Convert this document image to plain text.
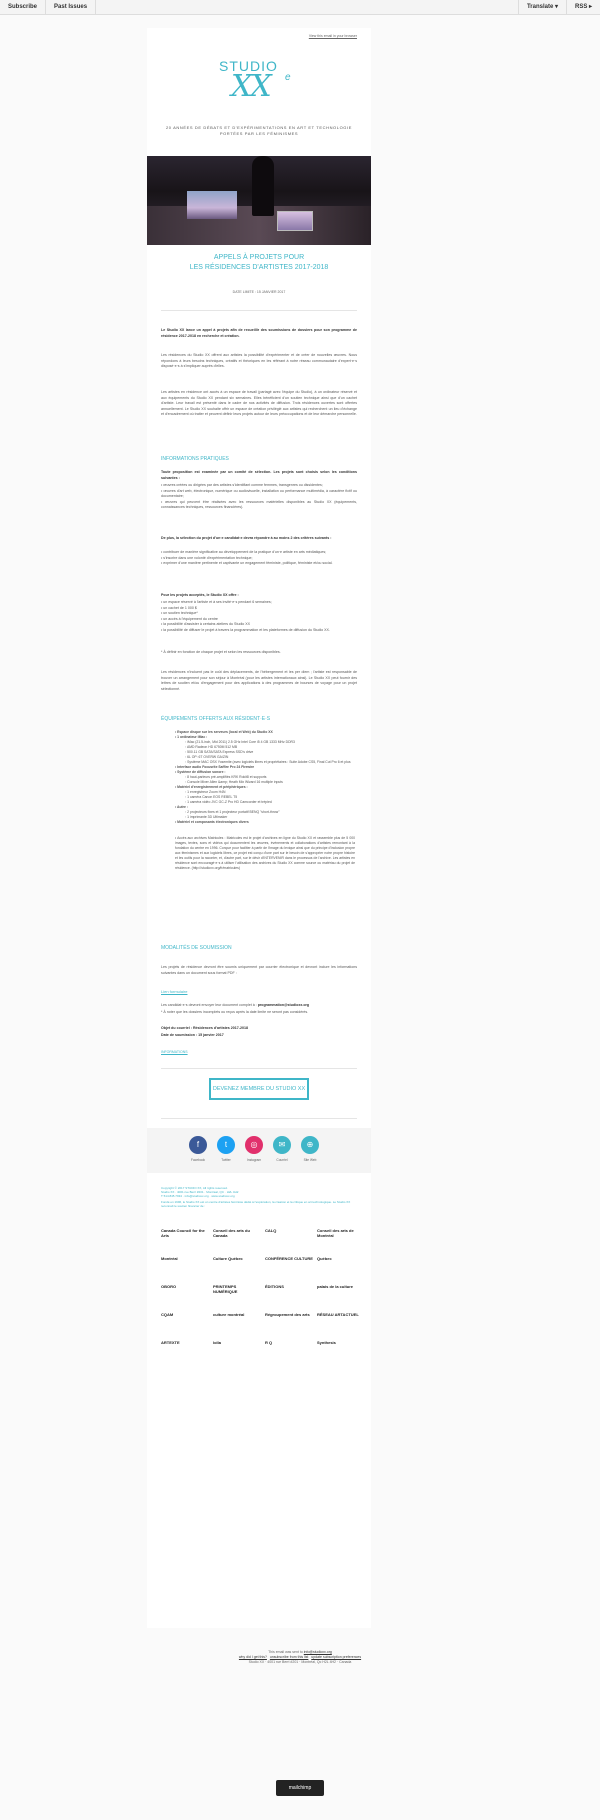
Subscribe	Past Issues	Translate ▾	RSS ▸
View this email in your browser
STUDIO
XX e
20 ANNÉES DE DÉBATS ET D'EXPÉRIMENTATIONS EN ART ET TECHNOLOGIE PORTÉES PAR LES FÉMINISMES
APPELS À PROJETS POUR
LES RÉSIDENCES D'ARTISTES 2017-2018
DATE LIMITE : 15 JANVIER 2017
Le Studio XX lance un appel à projets afin de recueillir des soumissions de dossiers pour son programme de résidence 2017-2018 en recherche et création.
Les résidences du Studio XX offrent aux artistes la possibilité d'expérimenter et de créer de nouvelles œuvres. Nous répondons à leurs besoins techniques, créatifs et théoriques en les référant à notre réseau communautaire d'expert·e·s disposé·e·s à s'impliquer auprès d'elles.
Les artistes en résidence ont accès à un espace de travail (partagé avec l'équipe du Studio), à un ordinateur réservé et aux équipements du Studio XX pendant six semaines. Elles bénéficient d'un soutien technique ainsi que d'un cachet d'artiste. Leur travail est présenté dans le cadre de nos activités de diffusion. Trois résidences ouvertes sont offertes annuellement. Le Studio XX souhaite offrir un espace de création privilégié aux artistes qui recherchent un lieu d'échange et d'encadrement où traiter et peuvent définir leurs projets autour de leurs préoccupations et de leur démarche personnelle.
INFORMATIONS PRATIQUES
Toute proposition est examinée par un comité de sélection. Les projets sont choisis selon les conditions suivantes :
• œuvres créées ou dirigées par des artistes s'identifiant comme femmes, transgenres ou dissidentes;
• œuvres d'art web, électronique, numérique ou audiovisuelle, installation ou performance multimédia, à caractère fictif ou documentaire;
• œuvres qui peuvent être réalisées avec les ressources matérielles disponibles au Studio XX (équipements, connaissances techniques, ressources financières).
De plus, la sélection du projet d'un·e candidat·e devra répondre à au moins 2 des critères suivants :
• contribuer de manière significative au développement de la pratique d'un·e artiste en arts médiatiques;
• s'inscrire dans une volonté d'expérimentation technique;
• exprimer d'une manière pertinente et captivante un engagement féministe, politique, féministe et/ou social.
Pour les projets acceptés, le Studio XX offre :
• un espace réservé à l'artiste et à ses invité·e·s pendant 6 semaines;
• un cachet de 1 000 $
• un soutien technique*
• un accès à l'équipement du centre
• la possibilité d'assister à certains ateliers du Studio XX
• la possibilité de diffuser le projet à travers la programmation et les plateformes de diffusion du Studio XX.
* À définir en fonction de chaque projet et selon les ressources disponibles.
Les résidences n'incluent pas le coût des déplacements, de l'hébergement et les per diem ; l'artiste est responsable de trouver un arrangement pour son séjour à Montréal (pour les artistes internationaux ainsi). Le Studio XX peut fournir des lettres de soutien et/ou d'engagement pour des applications à des programmes de bourses de voyage pour un projet sélectionné.
ÉQUIPEMENTS OFFERTS AUX RÉSIDENT·E·S
• Espace disque sur les serveurs (local et Web) du Studio XX
• 1 ordinateur iMac :
◦ iMac (21.5-inch, Mid 2011) 2.5 GHz Intel Core i5 4 GB 1333 MHz DDR3
◦ AMD Radeon HD 6750M 512 MB
◦ 500.11 GB SATA/SATA Express SSD's drive
◦ 6L OP: 6T OVERW GA/ZIN
◦ Système MAC OSX Yosemite (avec logiciels libres et propriétaires : Suite Adobe CS5, Final Cut Pro 6 et plus
• Interface audio Focusrite Saffire Pro 24 Firewire
• Système de diffusion sonore :
◦ 8 haut-parleurs pré-amplifiés KRK Rokit8 et supports
◦ Console Mixer Allen &amp; Heath Mix Wizard 16 multiple inputs
• Matériel d'enregistrement et périphériques :
◦ 1 enregistreur Zoom H4N
◦ 1 caméra Canon EOS REBEL T5
◦ 1 caméra vidéo JVC GC-Z Pro HD Camcorder et trépied
• Autre :
◦ 2 projecteurs fixes et 1 projecteur portatif BENQ "short-throw"
◦ 1 imprimante 3D Ultimaker
• Matériel et composants électroniques divers
• Accès aux archives Matricules : Matricules est le projet d'archives en ligne du Studio XX et rassemble plus de 5 000 images, textes, sons et vidéos qui documentent les œuvres, événements et collaborations d'artistes remontant à la fondation du centre en 1996. Conçue pour faciliter à partir de l'image du lexique ainsi que du principe d'inclusion propre aux féminismes et aux logiciels libres, ce projet est conçu d'une part sur le besoin de s'approprier notre propre histoire et les outils pour la raconter, et, d'autre part, sur le désir d'INTERVENIR dans le processus de l'archive. Les artistes en résidence sont encouragé·e·s à utiliser l'utilisation des archives du Studio XX comme source ou matériau du projet de résidence. (http://studioxx.org/fr/matricules)
MODALITÉS DE SOUMISSION
Les projets de résidence devront être soumis uniquement par courrier électronique et devront inclure les informations suivantes dans un document sous format PDF :
Lien formulaire
Les candidat·e·s devront envoyer leur document complet à : programmation@studioxx.org
* À noter que les dossiers incomplets ou reçus après la date limite ne seront pas considérés.
Objet du courriel : Résidences d'artistes 2017-2018
Date de soumission : 15 janvier 2017
INFORMATIONS
DEVENEZ MEMBRE DU STUDIO XX
f
Facebook
t
Twitter
◎
Instagram
✉
Courriel
⊕
Site Web
Copyright © 2017 STUDIO XX, All rights reserved.
Studio XX · 4001 rue Berri #201 · Montréal, QC · H2L 4H2
T 514.845.7934 · info@studioxx.org · www.studioxx.org
Fondé en 1996, le Studio XX est un centre d'artistes féministe dédié à l'exploration, la création et la critique en art technologique. Le Studio XX reconnaît le soutien financier de :
Canada Council for the Arts
Conseil des arts du Canada
CALQ	Conseil des arts de Montréal
Montréal	Culture Québec	CONFÉRENCE CULTURE Québec
OBORO	PRINTEMPS NUMÉRIQUE
ÉDITIONS	palais de la culture
CQAM	culture montréal	Régroupement des arts	RÉSEAU ARTACTUEL
ARTEXTE	lolla	R Q	Synthesis
This email was sent to info@studioxx.org
why did I get this? unsubscribe from this list update subscription preferences
Studio XX · 4001 rue Berri #201 · Montréal, Qc H2L 4H2 · Canada
mailchimp
